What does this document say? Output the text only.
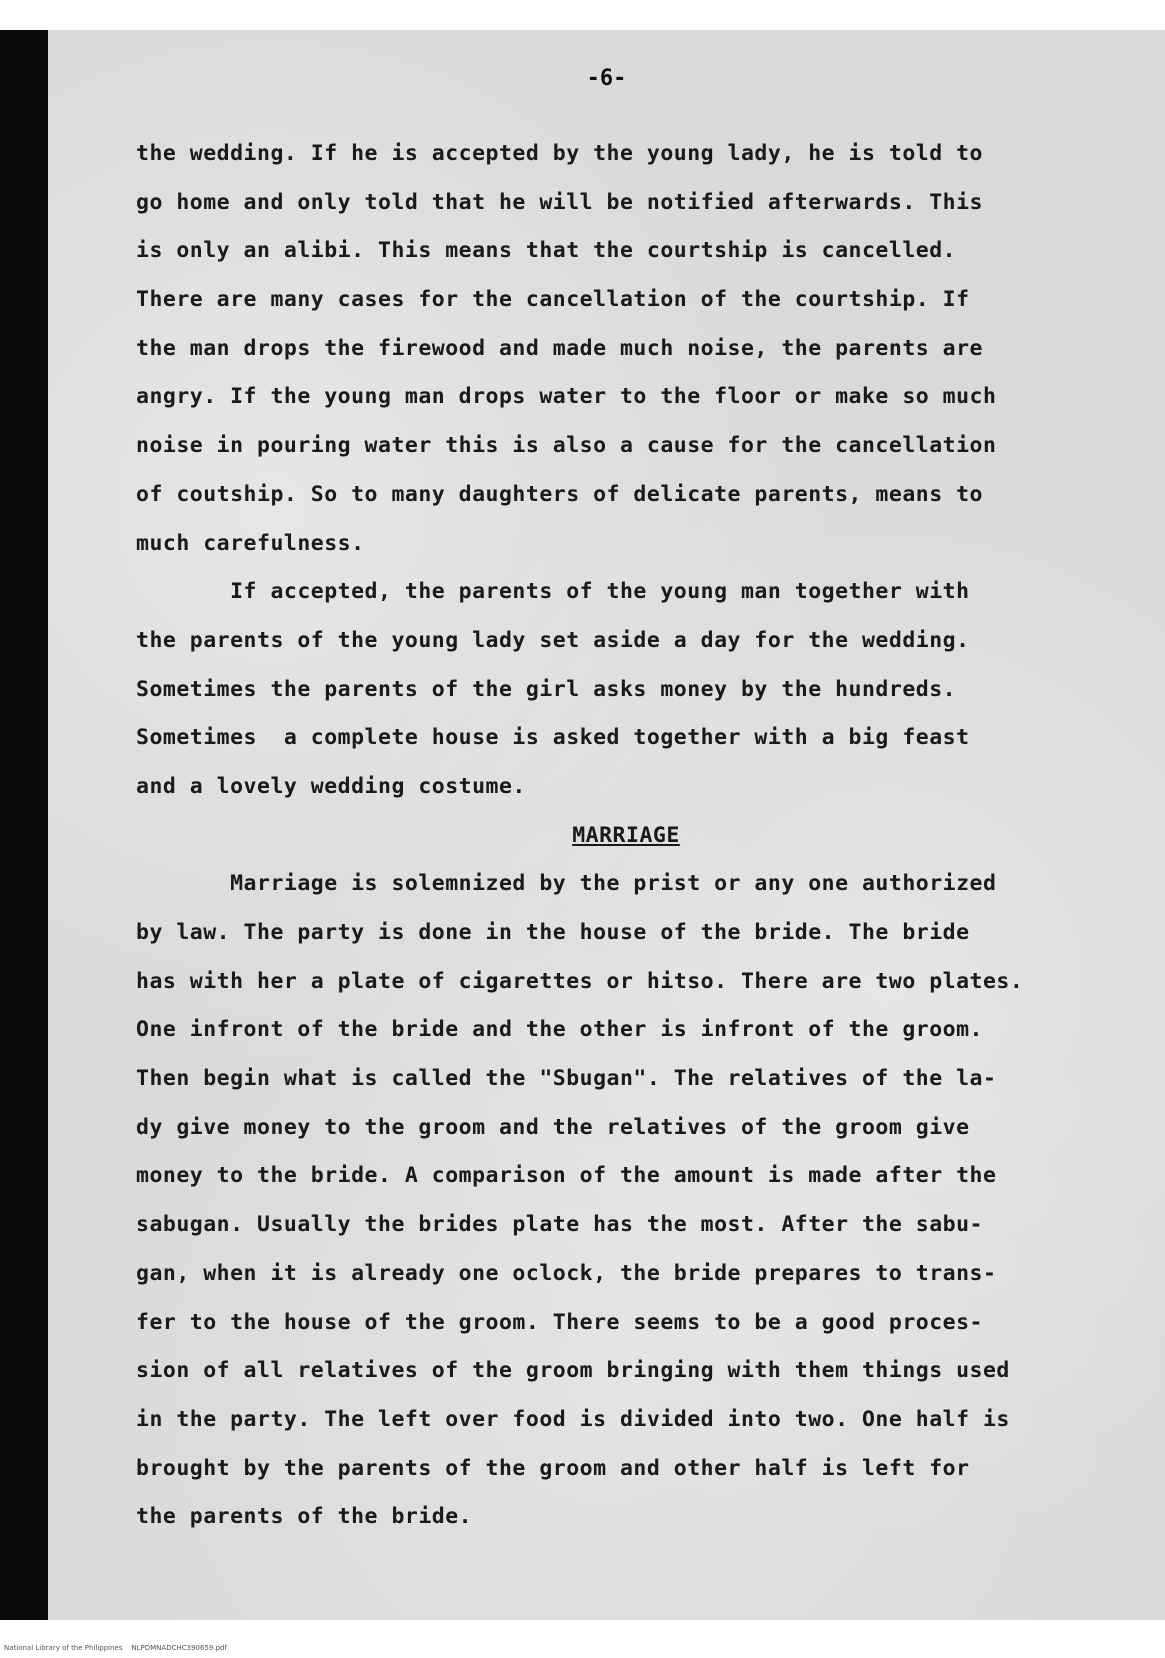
-6-
the wedding. If he is accepted by the young lady, he is told to
go home and only told that he will be notified afterwards. This
is only an alibi. This means that the courtship is cancelled.
There are many cases for the cancellation of the courtship. If
the man drops the firewood and made much noise, the parents are
angry. If the young man drops water to the floor or make so much
noise in pouring water this is also a cause for the cancellation
of coutship. So to many daughters of delicate parents, means to
much carefulness.
If accepted, the parents of the young man together with
the parents of the young lady set aside a day for the wedding.
Sometimes the parents of the girl asks money by the hundreds.
Sometimes  a complete house is asked together with a big feast
and a lovely wedding costume.
MARRIAGE
Marriage is solemnized by the prist or any one authorized
by law. The party is done in the house of the bride. The bride
has with her a plate of cigarettes or hitso. There are two plates.
One infront of the bride and the other is infront of the groom.
Then begin what is called the "Sbugan". The relatives of the la-
dy give money to the groom and the relatives of the groom give
money to the bride. A comparison of the amount is made after the
sabugan. Usually the brides plate has the most. After the sabu-
gan, when it is already one oclock, the bride prepares to trans-
fer to the house of the groom. There seems to be a good proces-
sion of all relatives of the groom bringing with them things used
in the party. The left over food is divided into two. One half is
brought by the parents of the groom and other half is left for
the parents of the bride.
National Library of the Philippines    NLPDMNADCHC390659.pdf
